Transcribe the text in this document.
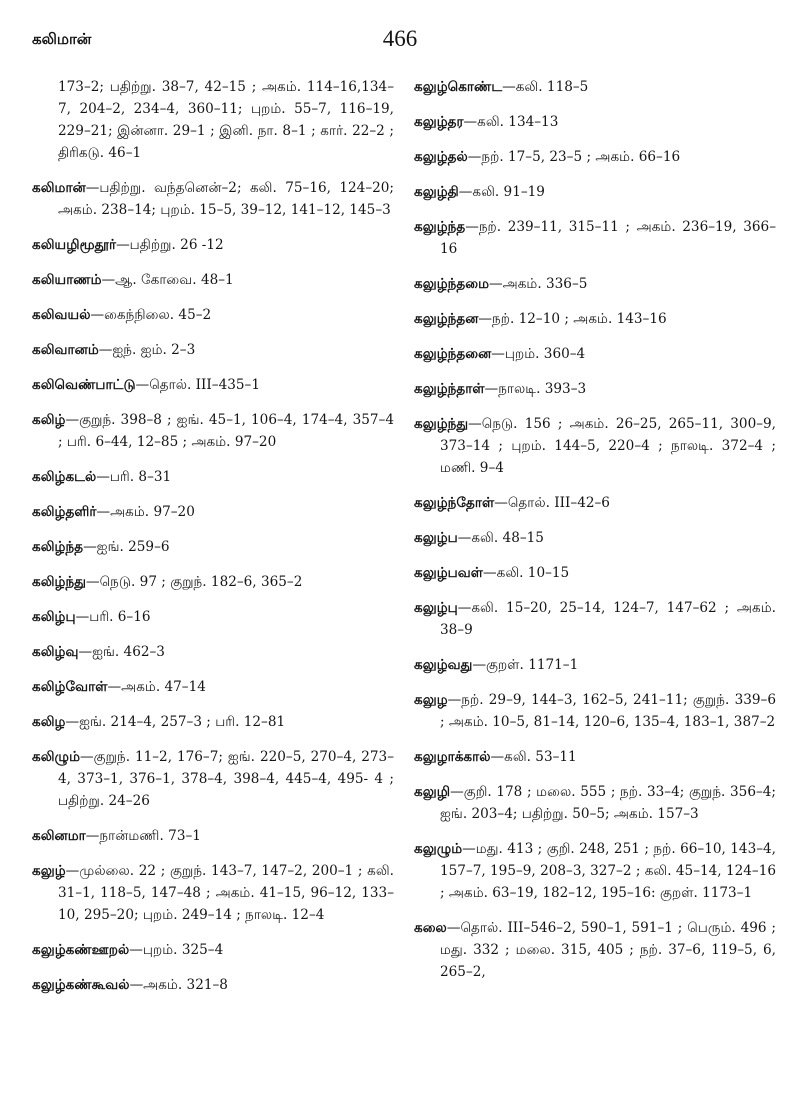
கலிமான்	466

173–2; பதிற்று. 38–7, 42–15 ; அகம். 114–16,134–7, 204–2, 234–4, 360–11; புறம். 55–7, 116–19, 229–21; இன்னா. 29–1 ; இனி. நா. 8–1 ; கார். 22–2 ; திரிகடு. 46–1

கலிமான்—பதிற்று. வந்தனென்–2; கலி. 75–16, 124–20; அகம். 238–14; புறம். 15–5, 39–12, 141–12, 145–3

கலியழிமூதூர்—பதிற்று. 26 -12

கலியாணம்—ஆ. கோவை. 48–1

கலிவயல்—கைந்நிலை. 45–2

கலிவானம்—ஐந். ஐம். 2–3

கலிவெண்பாட்டு—தொல். III–435–1

கலிழ்—குறுந். 398–8 ; ஐங். 45–1, 106–4, 174–4, 357–4 ; பரி. 6–44, 12–85 ; அகம். 97–20

கலிழ்கடல்—பரி. 8–31

கலிழ்தளிர்—அகம். 97–20

கலிழ்ந்த—ஐங். 259–6

கலிழ்ந்து—நெடு. 97 ; குறுந். 182–6, 365–2

கலிழ்பு—பரி. 6–16

கலிழ்வு—ஐங். 462–3

கலிழ்வோள்—அகம். 47–14

கலிழ—ஐங். 214–4, 257–3 ; பரி. 12–81

கலிழும்—குறுந். 11–2, 176–7; ஐங். 220–5, 270–4, 273–4, 373–1, 376–1, 378–4, 398–4, 445–4, 495- 4 ; பதிற்று. 24–26

கலினமா—நான்மணி. 73–1

கலுழ்—முல்லை. 22 ; குறுந். 143–7, 147–2, 200–1 ; கலி. 31–1, 118–5, 147–48 ; அகம். 41–15, 96–12, 133–10, 295–20; புறம். 249–14 ; நாலடி. 12–4

கலுழ்கண்ஊறல்—புறம். 325–4

கலுழ்கண்கூவல்—அகம். 321–8

கலுழ்கொண்ட—கலி. 118–5

கலுழ்தர—கலி. 134–13

கலுழ்தல்—நற். 17–5, 23–5 ; அகம். 66–16

கலுழ்தி—கலி. 91–19

கலுழ்ந்த—நற். 239–11, 315–11 ; அகம். 236–19, 366–16

கலுழ்ந்தமை—அகம். 336–5

கலுழ்ந்தன—நற். 12–10 ; அகம். 143–16

கலுழ்ந்தனை—புறம். 360–4

கலுழ்ந்தாள்—நாலடி. 393–3

கலுழ்ந்து—நெடு. 156 ; அகம். 26–25, 265–11, 300–9, 373–14 ; புறம். 144–5, 220–4 ; நாலடி. 372–4 ; மணி. 9–4

கலுழ்ந்தோள்—தொல். III–42–6

கலுழ்ப—கலி. 48–15

கலுழ்பவள்—கலி. 10–15

கலுழ்பு—கலி. 15–20, 25–14, 124–7, 147–62 ; அகம். 38–9

கலுழ்வது—குறள். 1171–1

கலுழ—நற். 29–9, 144–3, 162–5, 241–11; குறுந். 339–6 ; அகம். 10–5, 81–14, 120–6, 135–4, 183–1, 387–2

கலுழாக்கால்—கலி. 53–11

கலுழி—குறி. 178 ; மலை. 555 ; நற். 33–4; குறுந். 356–4; ஐங். 203–4; பதிற்று. 50–5; அகம். 157–3

கலுழும்—மது. 413 ; குறி. 248, 251 ; நற். 66–10, 143–4, 157–7, 195–9, 208–3, 327–2 ; கலி. 45–14, 124–16 ; அகம். 63–19, 182–12, 195–16: குறள். 1173–1

கலை—தொல். III–546–2, 590–1, 591–1 ; பெரும். 496 ; மது. 332 ; மலை. 315, 405 ; நற். 37–6, 119–5, 6, 265–2,
